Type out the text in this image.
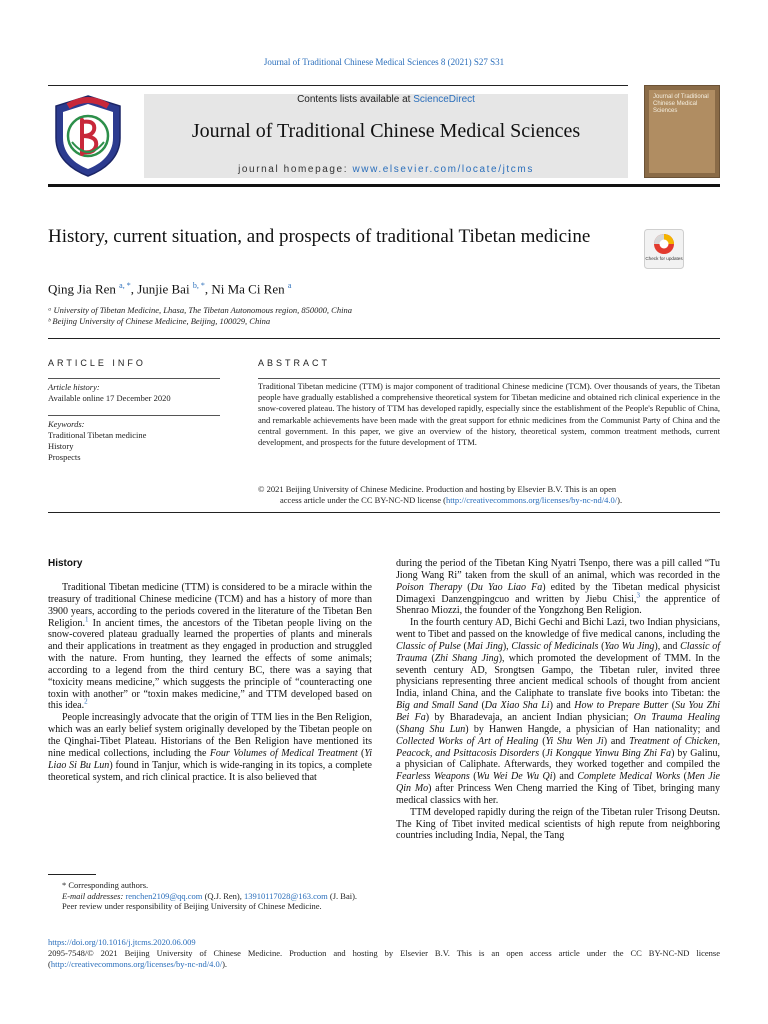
Journal of Traditional Chinese Medical Sciences 8 (2021) S27 S31
Contents lists available at ScienceDirect
Journal of Traditional Chinese Medical Sciences
journal homepage: www.elsevier.com/locate/jtcms
Journal of Traditional Chinese Medical Sciences
History, current situation, and prospects of traditional Tibetan medicine
Check for updates
Qing Jia Ren $^{a, *}$, Junjie Bai $^{b, *}$, Ni Ma Ci Ren $^a$
ᵃ University of Tibetan Medicine, Lhasa, The Tibetan Autonomous region, 850000, China
ᵇ Beijing University of Chinese Medicine, Beijing, 100029, China
ARTICLE INFO
Article history:
Available online 17 December 2020
Keywords:
Traditional Tibetan medicine
History
Prospects
ABSTRACT
Traditional Tibetan medicine (TTM) is major component of traditional Chinese medicine (TCM). Over thousands of years, the Tibetan people have gradually established a comprehensive theoretical system for Tibetan medicine and obtained rich clinical experience in the snow-covered plateau. The history of TTM has developed rapidly, especially since the establishment of the People's Republic of China, and remarkable achievements have been made with the great support for ethnic medicines from the Communist Party of China and the central government. In this paper, we give an overview of the history, theoretical system, common treatment methods, current development, and prospects for the future development of TTM.
© 2021 Beijing University of Chinese Medicine. Production and hosting by Elsevier B.V. This is an open
access article under the CC BY-NC-ND license (http://creativecommons.org/licenses/by-nc-nd/4.0/).
History

Traditional Tibetan medicine (TTM) is considered to be a miracle within the treasury of traditional Chinese medicine (TCM) and has a history of more than 3900 years, according to the periods covered in the literature of the Tibetan Ben Religion.$^1$ In ancient times, the ancestors of the Tibetan people living on the snow-covered plateau gradually learned the properties of plants and minerals and their applications in treatment as they engaged in production and struggled with the nature. From hunting, they learned the effects of some animals; according to a legend from the third century BC, there was a saying that “toxicity means medicine,” which suggests the principle of “counteracting one toxin with another” or “toxin makes medicine,” and TTM developed based on this idea.$^2$

People increasingly advocate that the origin of TTM lies in the Ben Religion, which was an early belief system originally developed by the Tibetan people on the Qinghai-Tibet Plateau. Historians of the Ben Religion have mentioned its nine medical collections, including the Four Volumes of Medical Treatment (Yi Liao Si Bu Lun) found in Tanjur, which is wide-ranging in its topics, a complete theoretical system, and rich clinical practice. It is also believed that

during the period of the Tibetan King Nyatri Tsenpo, there was a pill called “Tu Jiong Wang Ri” taken from the skull of an animal, which was recorded in the Poison Therapy (Du Yao Liao Fa) edited by the Tibetan medical physicist Dimagexi Danzengpingcuo and written by Jiebu Chisi,$^3$ the apprentice of Shenrao Miozzi, the founder of the Yongzhong Ben Religion.

In the fourth century AD, Bichi Gechi and Bichi Lazi, two Indian physicians, went to Tibet and passed on the knowledge of five medical canons, including the Classic of Pulse (Mai Jing), Classic of Medicinals (Yao Wu Jing), and Classic of Trauma (Zhi Shang Jing), which promoted the development of TMM. In the seventh century AD, Srongtsen Gampo, the Tibetan ruler, invited three physicians representing three ancient medical schools of thought from ancient India, inland China, and the Caliphate to translate five books into Tibetan: the Big and Small Sand (Da Xiao Sha Li) and How to Prepare Butter (Su You Zhi Bei Fa) by Bharadevaja, an ancient Indian physician; On Trauma Healing (Shang Shu Lun) by Hanwen Hangde, a physician of Han nationality; and Collected Works of Art of Healing (Yi Shu Wen Ji) and Treatment of Chicken, Peacock, and Psittacosis Disorders (Ji Kongque Yinwu Bing Zhi Fa) by Galinu, a physician of Caliphate. Afterwards, they worked together and compiled the Fearless Weapons (Wu Wei De Wu Qi) and Complete Medical Works (Men Jie Qin Mo) after Princess Wen Cheng married the King of Tibet, bringing many medical classics with her.

TTM developed rapidly during the reign of the Tibetan ruler Trisong Deutsn. The King of Tibet invited medical scientists of high repute from neighboring countries including India, Nepal, the Tang

* Corresponding authors.
E-mail addresses: renchen2109@qq.com (Q.J. Ren), 13910117028@163.com (J. Bai).
Peer review under responsibility of Beijing University of Chinese Medicine.
https://doi.org/10.1016/j.jtcms.2020.06.009
2095-7548/© 2021 Beijing University of Chinese Medicine. Production and hosting by Elsevier B.V. This is an open access article under the CC BY-NC-ND license (http://creativecommons.org/licenses/by-nc-nd/4.0/).
